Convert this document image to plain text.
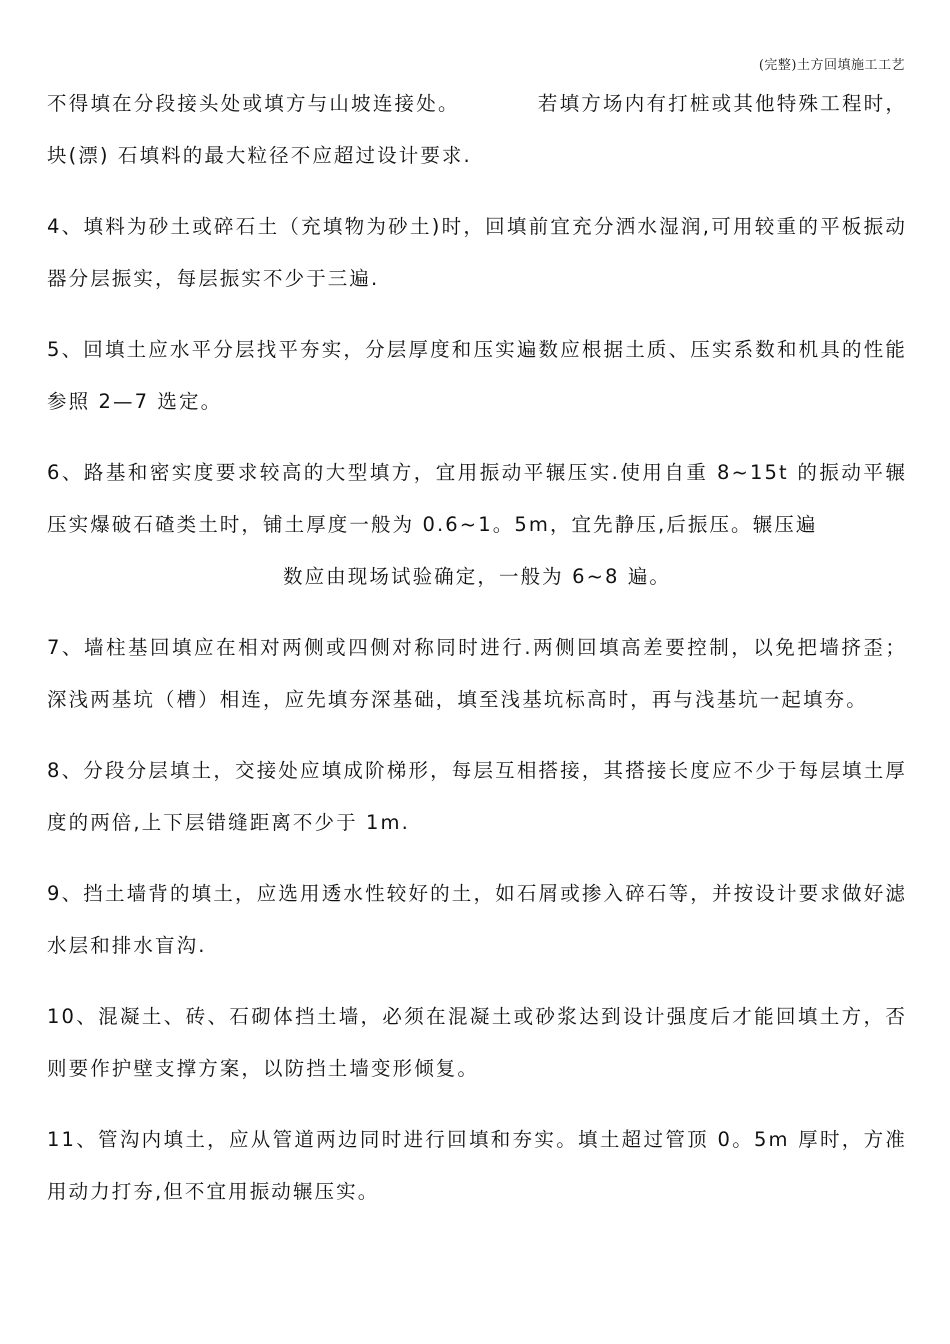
(完整)土方回填施工工艺

不得填在分段接头处或填方与山坡连接处。	若填方场内有打桩或其他特殊工程时，块(漂) 石填料的最大粒径不应超过设计要求.

4、填料为砂土或碎石土（充填物为砂土)时，回填前宜充分洒水湿润,可用较重的平板振动器分层振实，每层振实不少于三遍.

5、回填土应水平分层找平夯实，分层厚度和压实遍数应根据土质、压实系数和机具的性能参照 2—7 选定。

6、路基和密实度要求较高的大型填方，宜用振动平辗压实.使用自重 8~15t 的振动平辗压实爆破石碴类土时，铺土厚度一般为 0.6~1。5m，宜先静压,后振压。辗压遍
数应由现场试验确定，一般为 6~8 遍。

7、墙柱基回填应在相对两侧或四侧对称同时进行.两侧回填高差要控制，以免把墙挤歪；深浅两基坑（槽）相连，应先填夯深基础，填至浅基坑标高时，再与浅基坑一起填夯。

8、分段分层填土，交接处应填成阶梯形，每层互相搭接，其搭接长度应不少于每层填土厚度的两倍,上下层错缝距离不少于 1m.

9、挡土墙背的填土，应选用透水性较好的土，如石屑或掺入碎石等，并按设计要求做好滤水层和排水盲沟.

10、混凝土、砖、石砌体挡土墙，必须在混凝土或砂浆达到设计强度后才能回填土方，否则要作护壁支撑方案，以防挡土墙变形倾复。

11、管沟内填土，应从管道两边同时进行回填和夯实。填土超过管顶 0。5m 厚时，方准用动力打夯,但不宜用振动辗压实。
